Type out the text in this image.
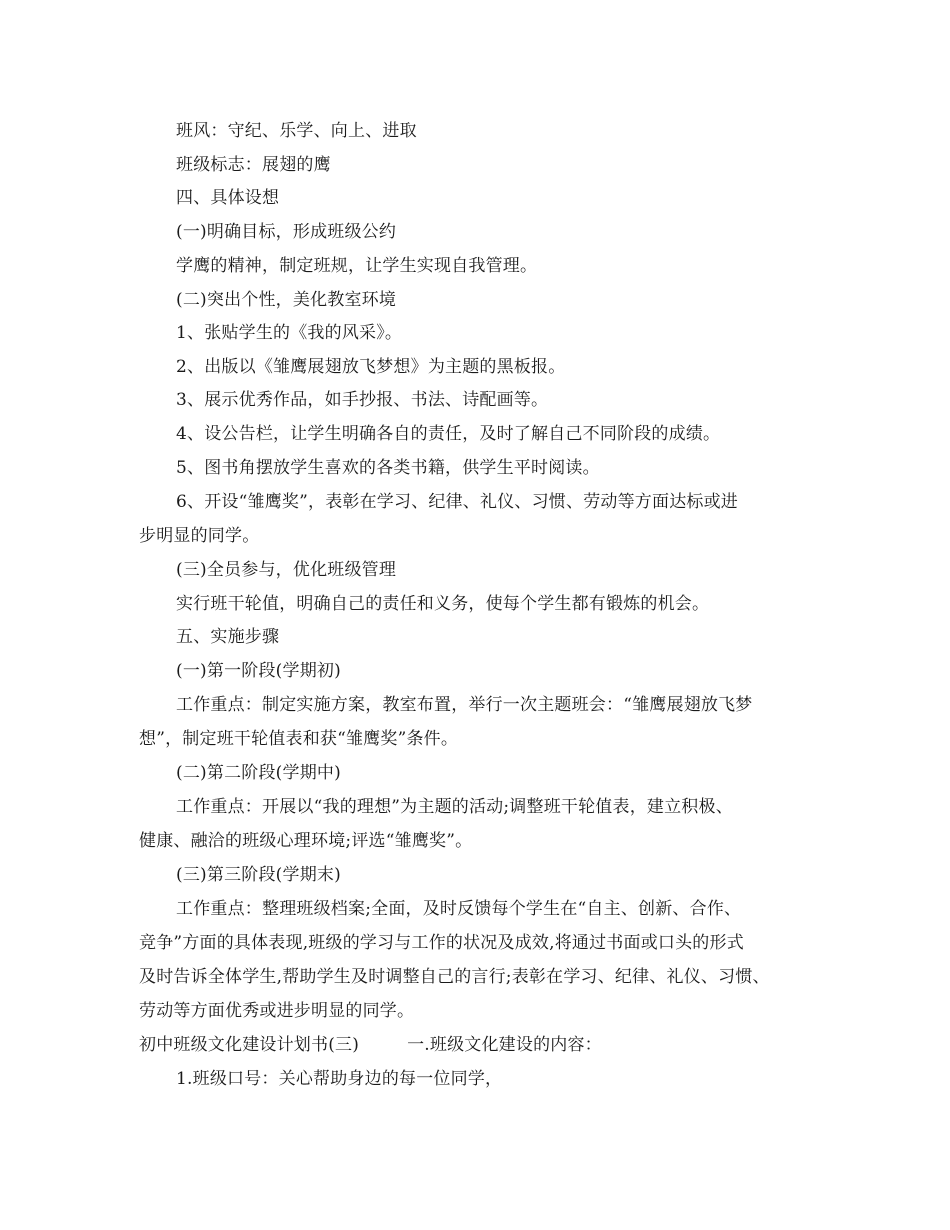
班风：守纪、乐学、向上、进取
班级标志：展翅的鹰
四、具体设想
(一)明确目标，形成班级公约
学鹰的精神，制定班规，让学生实现自我管理。
(二)突出个性，美化教室环境
1、张贴学生的《我的风采》。
2、出版以《雏鹰展翅放飞梦想》为主题的黑板报。
3、展示优秀作品，如手抄报、书法、诗配画等。
4、设公告栏，让学生明确各自的责任，及时了解自己不同阶段的成绩。
5、图书角摆放学生喜欢的各类书籍，供学生平时阅读。
6、开设“雏鹰奖”，表彰在学习、纪律、礼仪、习惯、劳动等方面达标或进
步明显的同学。
(三)全员参与，优化班级管理
实行班干轮值，明确自己的责任和义务，使每个学生都有锻炼的机会。
五、实施步骤
(一)第一阶段(学期初)
工作重点：制定实施方案，教室布置，举行一次主题班会：“雏鹰展翅放飞梦
想”，制定班干轮值表和获“雏鹰奖”条件。
(二)第二阶段(学期中)
工作重点：开展以“我的理想”为主题的活动;调整班干轮值表，建立积极、
健康、融洽的班级心理环境;评选“雏鹰奖”。
(三)第三阶段(学期末)
工作重点：整理班级档案;全面，及时反馈每个学生在“自主、创新、合作、
竞争”方面的具体表现,班级的学习与工作的状况及成效,将通过书面或口头的形式
及时告诉全体学生,帮助学生及时调整自己的言行;表彰在学习、纪律、礼仪、习惯、
劳动等方面优秀或进步明显的同学。
初中班级文化建设计划书(三)	一.班级文化建设的内容：
1.班级口号：关心帮助身边的每一位同学，
